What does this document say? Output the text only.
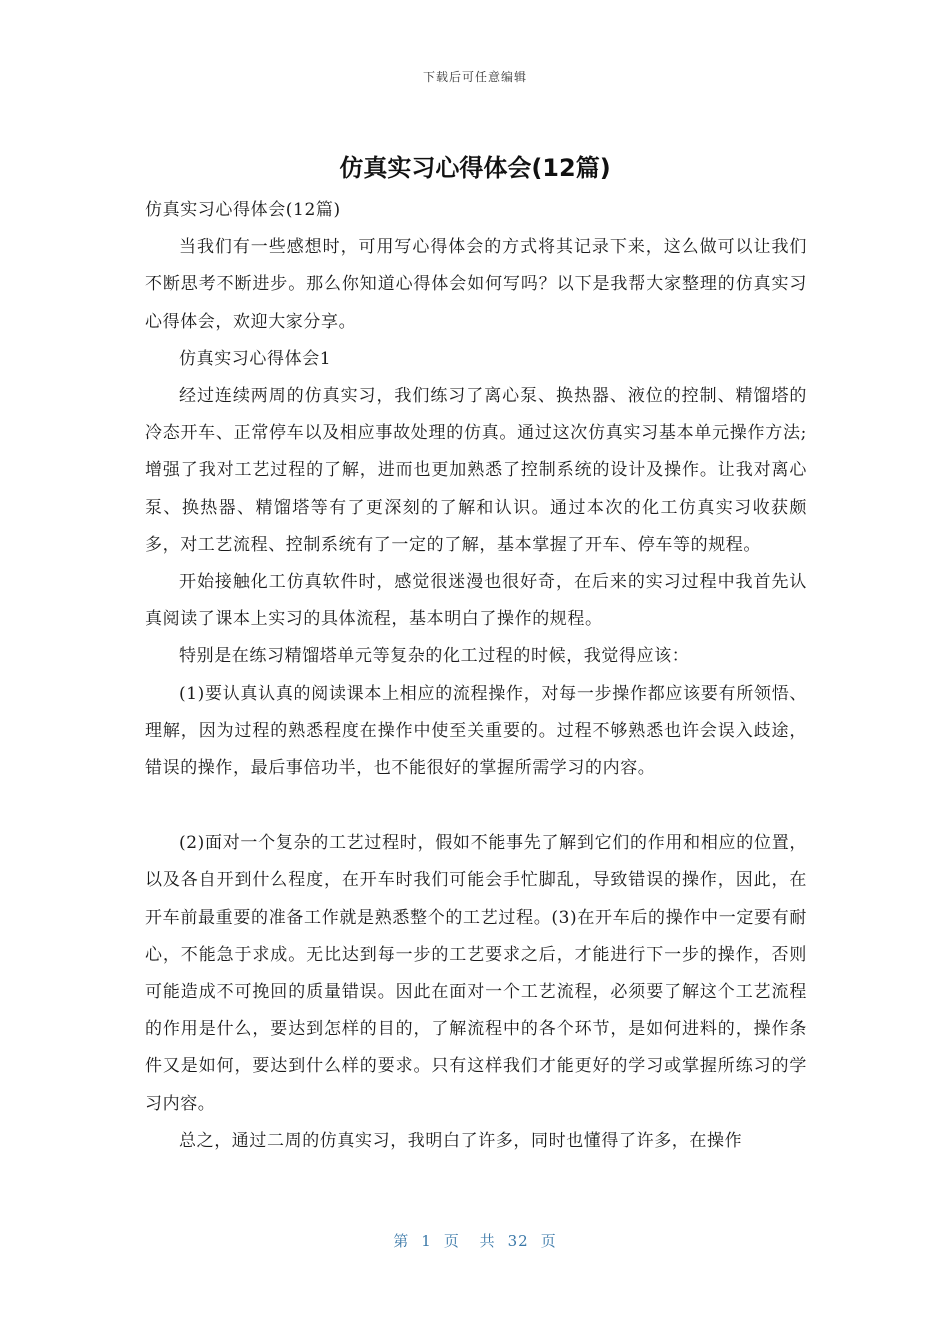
下载后可任意编辑
仿真实习心得体会(12篇)

仿真实习心得体会(12篇)

当我们有一些感想时，可用写心得体会的方式将其记录下来，这么做可以让我们不断思考不断进步。那么你知道心得体会如何写吗？以下是我帮大家整理的仿真实习心得体会，欢迎大家分享。

仿真实习心得体会1

经过连续两周的仿真实习，我们练习了离心泵、换热器、液位的控制、精馏塔的冷态开车、正常停车以及相应事故处理的仿真。通过这次仿真实习基本单元操作方法;增强了我对工艺过程的了解，进而也更加熟悉了控制系统的设计及操作。让我对离心泵、换热器、精馏塔等有了更深刻的了解和认识。通过本次的化工仿真实习收获颇多，对工艺流程、控制系统有了一定的了解，基本掌握了开车、停车等的规程。

开始接触化工仿真软件时，感觉很迷漫也很好奇，在后来的实习过程中我首先认真阅读了课本上实习的具体流程，基本明白了操作的规程。

特别是在练习精馏塔单元等复杂的化工过程的时候，我觉得应该：

(1)要认真认真的阅读课本上相应的流程操作，对每一步操作都应该要有所领悟、理解，因为过程的熟悉程度在操作中使至关重要的。过程不够熟悉也许会误入歧途，错误的操作，最后事倍功半，也不能很好的掌握所需学习的内容。

(2)面对一个复杂的工艺过程时，假如不能事先了解到它们的作用和相应的位置，以及各自开到什么程度，在开车时我们可能会手忙脚乱，导致错误的操作，因此，在开车前最重要的准备工作就是熟悉整个的工艺过程。(3)在开车后的操作中一定要有耐心，不能急于求成。无比达到每一步的工艺要求之后，才能进行下一步的操作，否则可能造成不可挽回的质量错误。因此在面对一个工艺流程，必须要了解这个工艺流程的作用是什么，要达到怎样的目的，了解流程中的各个环节，是如何进料的，操作条件又是如何，要达到什么样的要求。只有这样我们才能更好的学习或掌握所练习的学习内容。

总之，通过二周的仿真实习，我明白了许多，同时也懂得了许多，在操作

第 1 页 共 32 页
